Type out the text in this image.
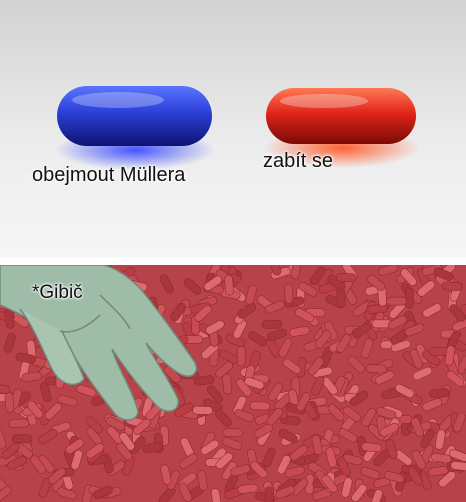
obejmout Müllera

zabít se

*Gibič
